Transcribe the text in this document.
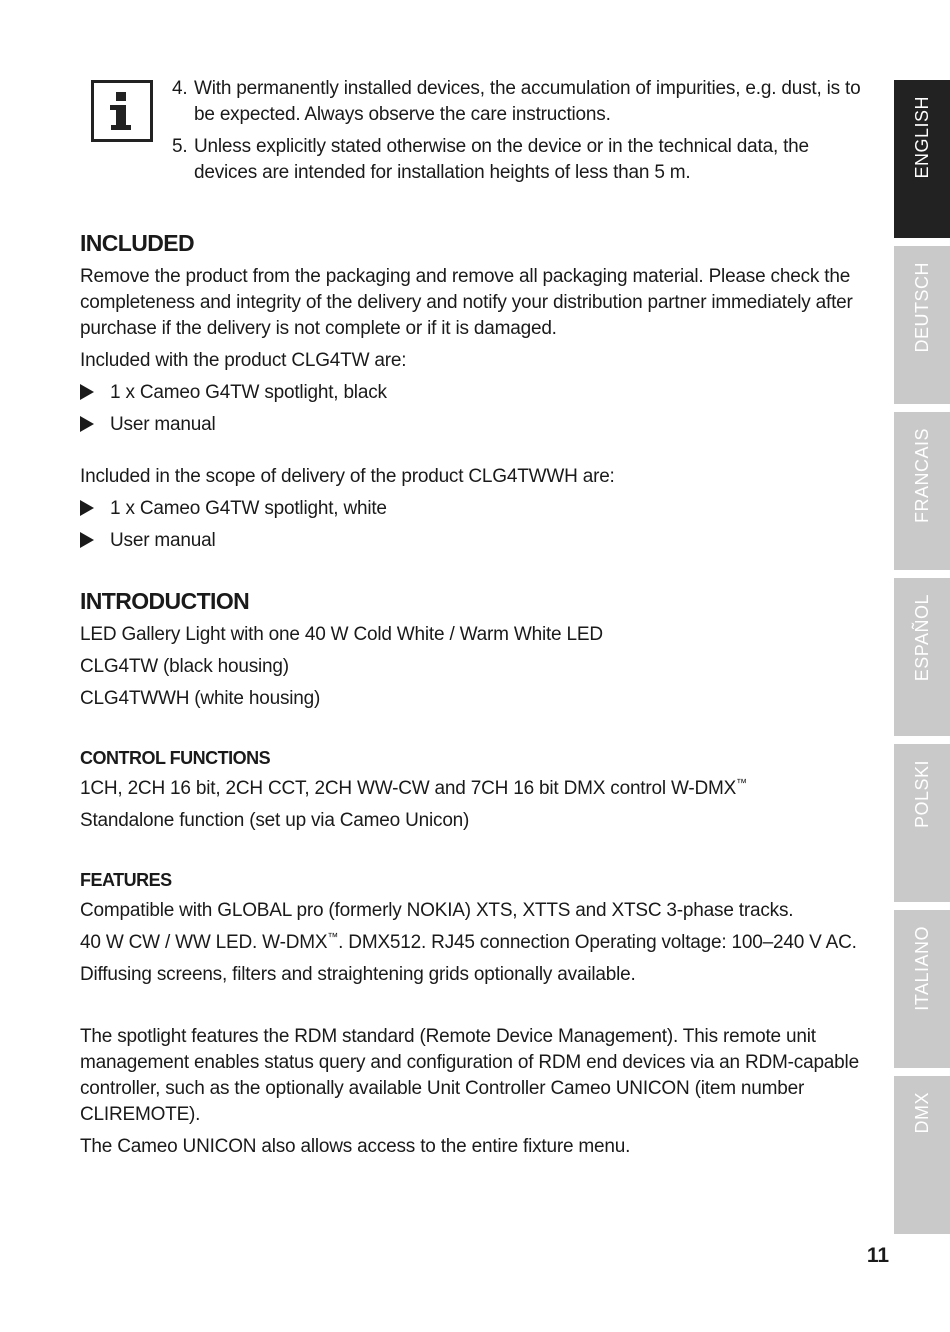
4. With permanently installed devices, the accumulation of impurities, e.g. dust, is to be expected. Always observe the care instructions.
5. Unless explicitly stated otherwise on the device or in the technical data, the devices are intended for installation heights of less than 5 m.
INCLUDED

Remove the product from the packaging and remove all packaging material. Please check the completeness and integrity of the delivery and notify your distribution partner immediately after purchase if the delivery is not complete or if it is damaged.

Included with the product CLG4TW are:

1 x Cameo G4TW spotlight, black
User manual

Included in the scope of delivery of the product CLG4TWWH are:

1 x Cameo G4TW spotlight, white
User manual
INTRODUCTION

LED Gallery Light with one 40 W Cold White / Warm White LED

CLG4TW (black housing)

CLG4TWWH (white housing)

CONTROL FUNCTIONS

1CH, 2CH 16 bit, 2CH CCT, 2CH WW-CW and 7CH 16 bit DMX control W-DMX™

Standalone function (set up via Cameo Unicon)

FEATURES

Compatible with GLOBAL pro (formerly NOKIA) XTS, XTTS and XTSC 3-phase tracks.

40 W CW / WW LED. W-DMX™. DMX512. RJ45 connection Operating voltage: 100–240 V AC.

Diffusing screens, filters and straightening grids optionally available.

The spotlight features the RDM standard (Remote Device Management). This remote unit management enables status query and configuration of RDM end devices via an RDM-capable controller, such as the optionally available Unit Controller Cameo UNICON (item number CLIREMOTE).

The Cameo UNICON also allows access to the entire fixture menu.

ENGLISH
DEUTSCH
FRANCAIS
ESPAÑOL
POLSKI
ITALIANO
DMX
11
